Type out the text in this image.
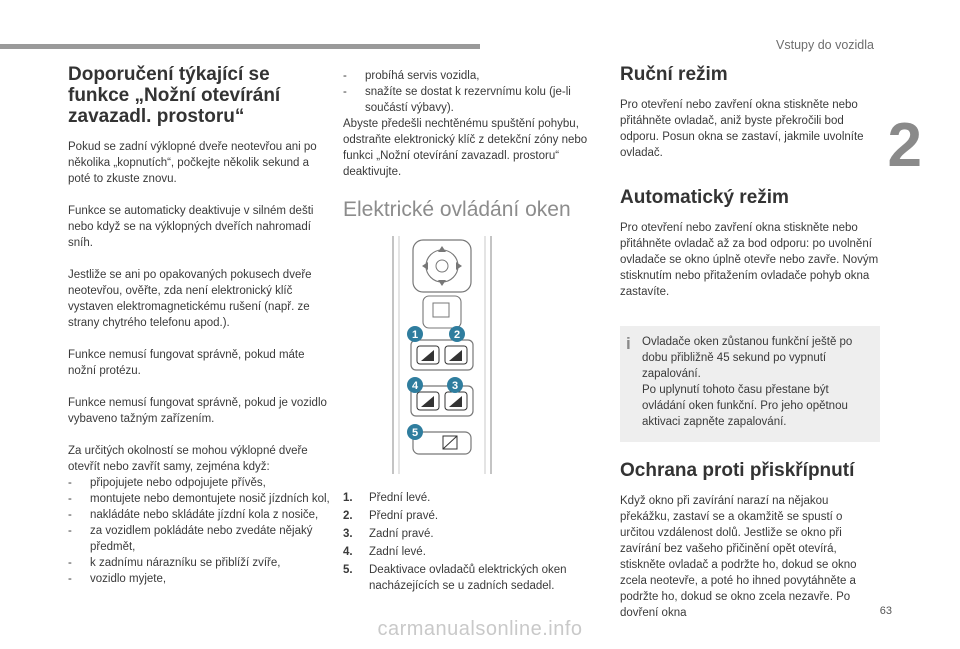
Vstupy do vozidla
2
Doporučení týkající se funkce „Nožní otevírání zavazadl. prostoru“

Pokud se zadní výklopné dveře neotevřou ani po několika „kopnutích“, počkejte několik sekund a poté to zkuste znovu.

Funkce se automaticky deaktivuje v silném dešti nebo když se na výklopných dveřích nahromadí sníh.

Jestliže se ani po opakovaných pokusech dveře neotevřou, ověřte, zda není elektronický klíč vystaven elektromagnetickému rušení (např. ze strany chytrého telefonu apod.).

Funkce nemusí fungovat správně, pokud máte nožní protézu.

Funkce nemusí fungovat správně, pokud je vozidlo vybaveno tažným zařízením.

Za určitých okolností se mohou výklopné dveře otevřít nebo zavřít samy, zejména když:

- připojujete nebo odpojujete přívěs,
- montujete nebo demontujete nosič jízdních kol,
- nakládáte nebo skládáte jízdní kola z nosiče,
- za vozidlem pokládáte nebo zvedáte nějaký předmět,
- k zadnímu nárazníku se přiblíží zvíře,
- vozidlo myjete,
- probíhá servis vozidla,
- snažíte se dostat k rezervnímu kolu (je-li součástí výbavy).

Abyste předešli nechtěnému spuštění pohybu, odstraňte elektronický klíč z detekční zóny nebo funkci „Nožní otevírání zavazadl. prostoru“ deaktivujte.

Elektrické ovládání oken
1	2
3
4
5
1. Přední levé.
2. Přední pravé.
3. Zadní pravé.
4. Zadní levé.
5. Deaktivace ovladačů elektrických oken nacházejících se u zadních sedadel.
Ruční režim

Pro otevření nebo zavření okna stiskněte nebo přitáhněte ovladač, aniž byste překročili bod odporu. Posun okna se zastaví, jakmile uvolníte ovladač.

Automatický režim

Pro otevření nebo zavření okna stiskněte nebo přitáhněte ovladač až za bod odporu: po uvolnění ovladače se okno úplně otevře nebo zavře. Novým stisknutím nebo přitažením ovladače pohyb okna zastavíte.

i Ovladače oken zůstanou funkční ještě po dobu přibližně 45 sekund po vypnutí zapalování.
Po uplynutí tohoto času přestane být ovládání oken funkční. Pro jeho opětnou aktivaci zapněte zapalování.
Ochrana proti přiskřípnutí

Když okno při zavírání narazí na nějakou překážku, zastaví se a okamžitě se spustí o určitou vzdálenost dolů. Jestliže se okno při zavírání bez vašeho přičinění opět otevírá, stiskněte ovladač a podržte ho, dokud se okno zcela neotevře, a poté ho ihned povytáhněte a podržte ho, dokud se okno zcela nezavře. Po dovření okna	63
carmanualsonline.info
